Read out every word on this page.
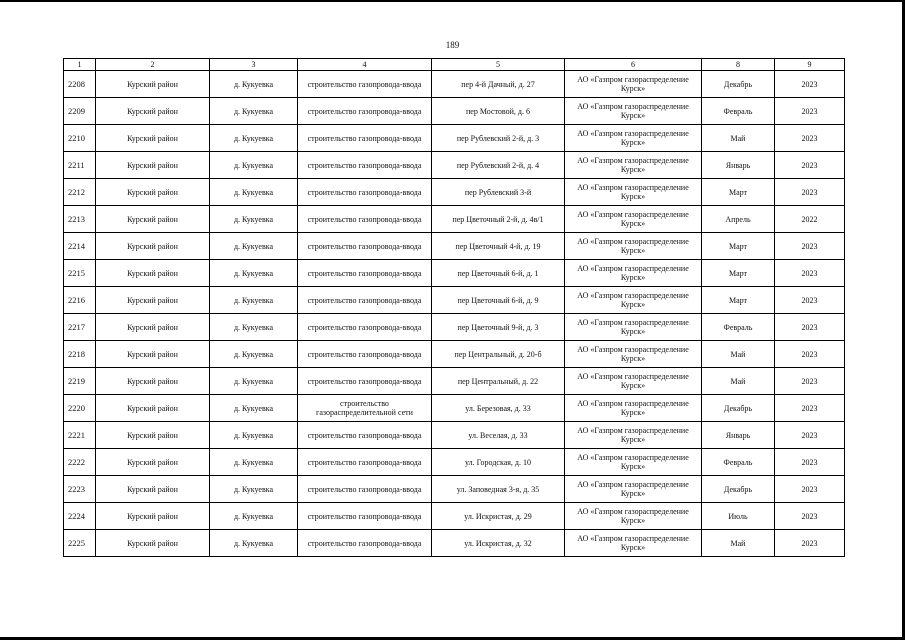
189
1	2	3	4	5	6	8	9
2208	Курский район	д. Кукуевка	строительство газопровода-ввода	пер 4-й Дачный, д. 27	АО «Газпром газораспределение Курск»	Декабрь	2023
2209	Курский район	д. Кукуевка	строительство газопровода-ввода	пер Мостовой, д. 6	АО «Газпром газораспределение Курск»	Февраль	2023
2210	Курский район	д. Кукуевка	строительство газопровода-ввода	пер Рублевский 2-й, д. 3	АО «Газпром газораспределение Курск»	Май	2023
2211	Курский район	д. Кукуевка	строительство газопровода-ввода	пер Рублевский 2-й, д. 4	АО «Газпром газораспределение Курск»	Январь	2023
2212	Курский район	д. Кукуевка	строительство газопровода-ввода	пер Рублевский 3-й	АО «Газпром газораспределение Курск»	Март	2023
2213	Курский район	д. Кукуевка	строительство газопровода-ввода	пер Цветочный 2-й, д. 4в/1	АО «Газпром газораспределение Курск»	Апрель	2022
2214	Курский район	д. Кукуевка	строительство газопровода-ввода	пер Цветочный 4-й, д. 19	АО «Газпром газораспределение Курск»	Март	2023
2215	Курский район	д. Кукуевка	строительство газопровода-ввода	пер Цветочный 6-й, д. 1	АО «Газпром газораспределение Курск»	Март	2023
2216	Курский район	д. Кукуевка	строительство газопровода-ввода	пер Цветочный 6-й, д. 9	АО «Газпром газораспределение Курск»	Март	2023
2217	Курский район	д. Кукуевка	строительство газопровода-ввода	пер Цветочный 9-й, д. 3	АО «Газпром газораспределение Курск»	Февраль	2023
2218	Курский район	д. Кукуевка	строительство газопровода-ввода	пер Центральный, д. 20-б	АО «Газпром газораспределение Курск»	Май	2023
2219	Курский район	д. Кукуевка	строительство газопровода-ввода	пер Центральный, д. 22	АО «Газпром газораспределение Курск»	Май	2023
2220	Курский район	д. Кукуевка	строительство газораспределительной сети	ул. Березовая, д. 33	АО «Газпром газораспределение Курск»	Декабрь	2023
2221	Курский район	д. Кукуевка	строительство газопровода-ввода	ул. Веселая, д. 33	АО «Газпром газораспределение Курск»	Январь	2023
2222	Курский район	д. Кукуевка	строительство газопровода-ввода	ул. Городская, д. 10	АО «Газпром газораспределение Курск»	Февраль	2023
2223	Курский район	д. Кукуевка	строительство газопровода-ввода	ул. Заповедная 3-я, д. 35	АО «Газпром газораспределение Курск»	Декабрь	2023
2224	Курский район	д. Кукуевка	строительство газопровода-ввода	ул. Искристая, д. 29	АО «Газпром газораспределение Курск»	Июль	2023
2225	Курский район	д. Кукуевка	строительство газопровода-ввода	ул. Искристая, д. 32	АО «Газпром газораспределение Курск»	Май	2023
